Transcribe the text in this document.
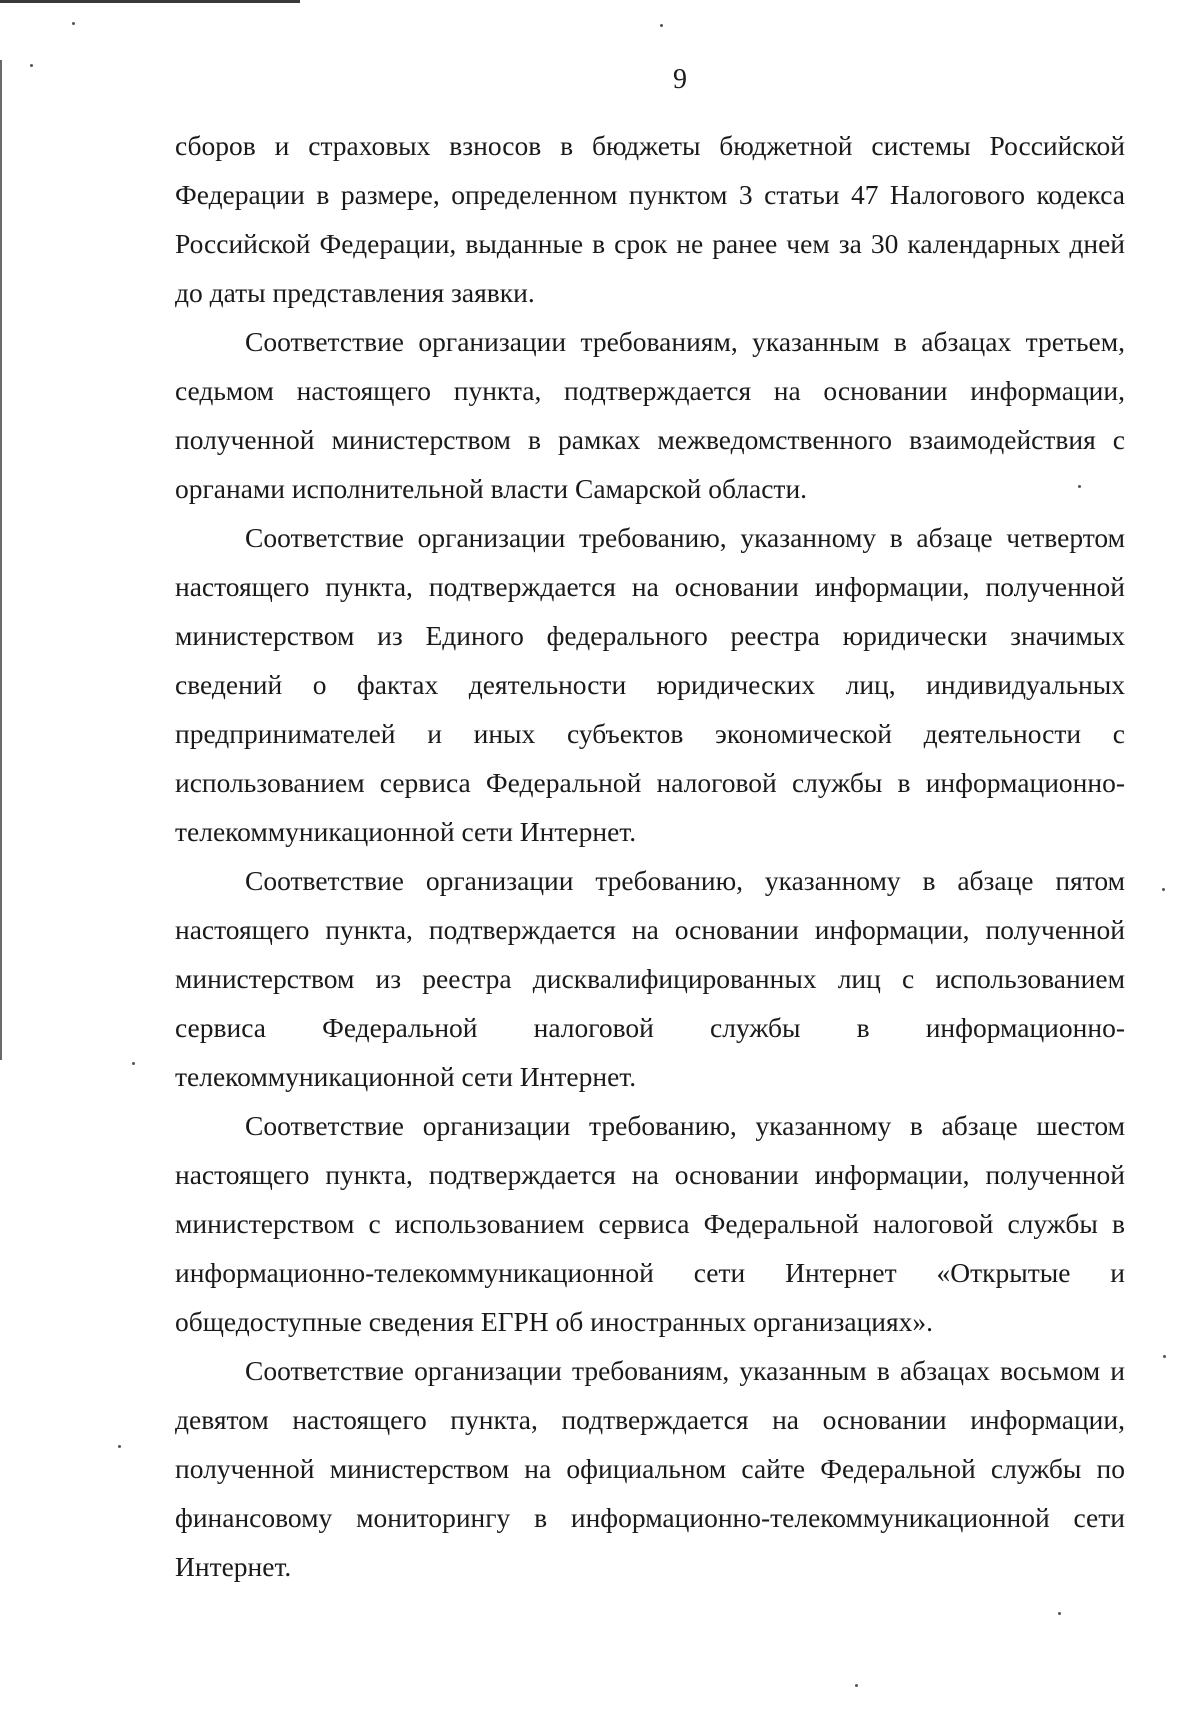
9

сборов и страховых взносов в бюджеты бюджетной системы Российской Федерации в размере, определенном пунктом 3 статьи 47 Налогового кодекса Российской Федерации, выданные в срок не ранее чем за 30 календарных дней до даты представления заявки.

Соответствие организации требованиям, указанным в абзацах третьем, седьмом настоящего пункта, подтверждается на основании информации, полученной министерством в рамках межведомственного взаимодействия с органами исполнительной власти Самарской области.

Соответствие организации требованию, указанному в абзаце четвертом настоящего пункта, подтверждается на основании информации, полученной министерством из Единого федерального реестра юридически значимых сведений о фактах деятельности юридических лиц, индивидуальных предпринимателей и иных субъектов экономической деятельности с использованием сервиса Федеральной налоговой службы в информационно-телекоммуникационной сети Интернет.

Соответствие организации требованию, указанному в абзаце пятом настоящего пункта, подтверждается на основании информации, полученной министерством из реестра дисквалифицированных лиц с использованием сервиса Федеральной налоговой службы в информационно-телекоммуникационной сети Интернет.

Соответствие организации требованию, указанному в абзаце шестом настоящего пункта, подтверждается на основании информации, полученной министерством с использованием сервиса Федеральной налоговой службы в информационно-телекоммуникационной сети Интернет «Открытые и общедоступные сведения ЕГРН об иностранных организациях».

Соответствие организации требованиям, указанным в абзацах восьмом и девятом настоящего пункта, подтверждается на основании информации, полученной министерством на официальном сайте Федеральной службы по финансовому мониторингу в информационно-телекоммуникационной сети Интернет.
